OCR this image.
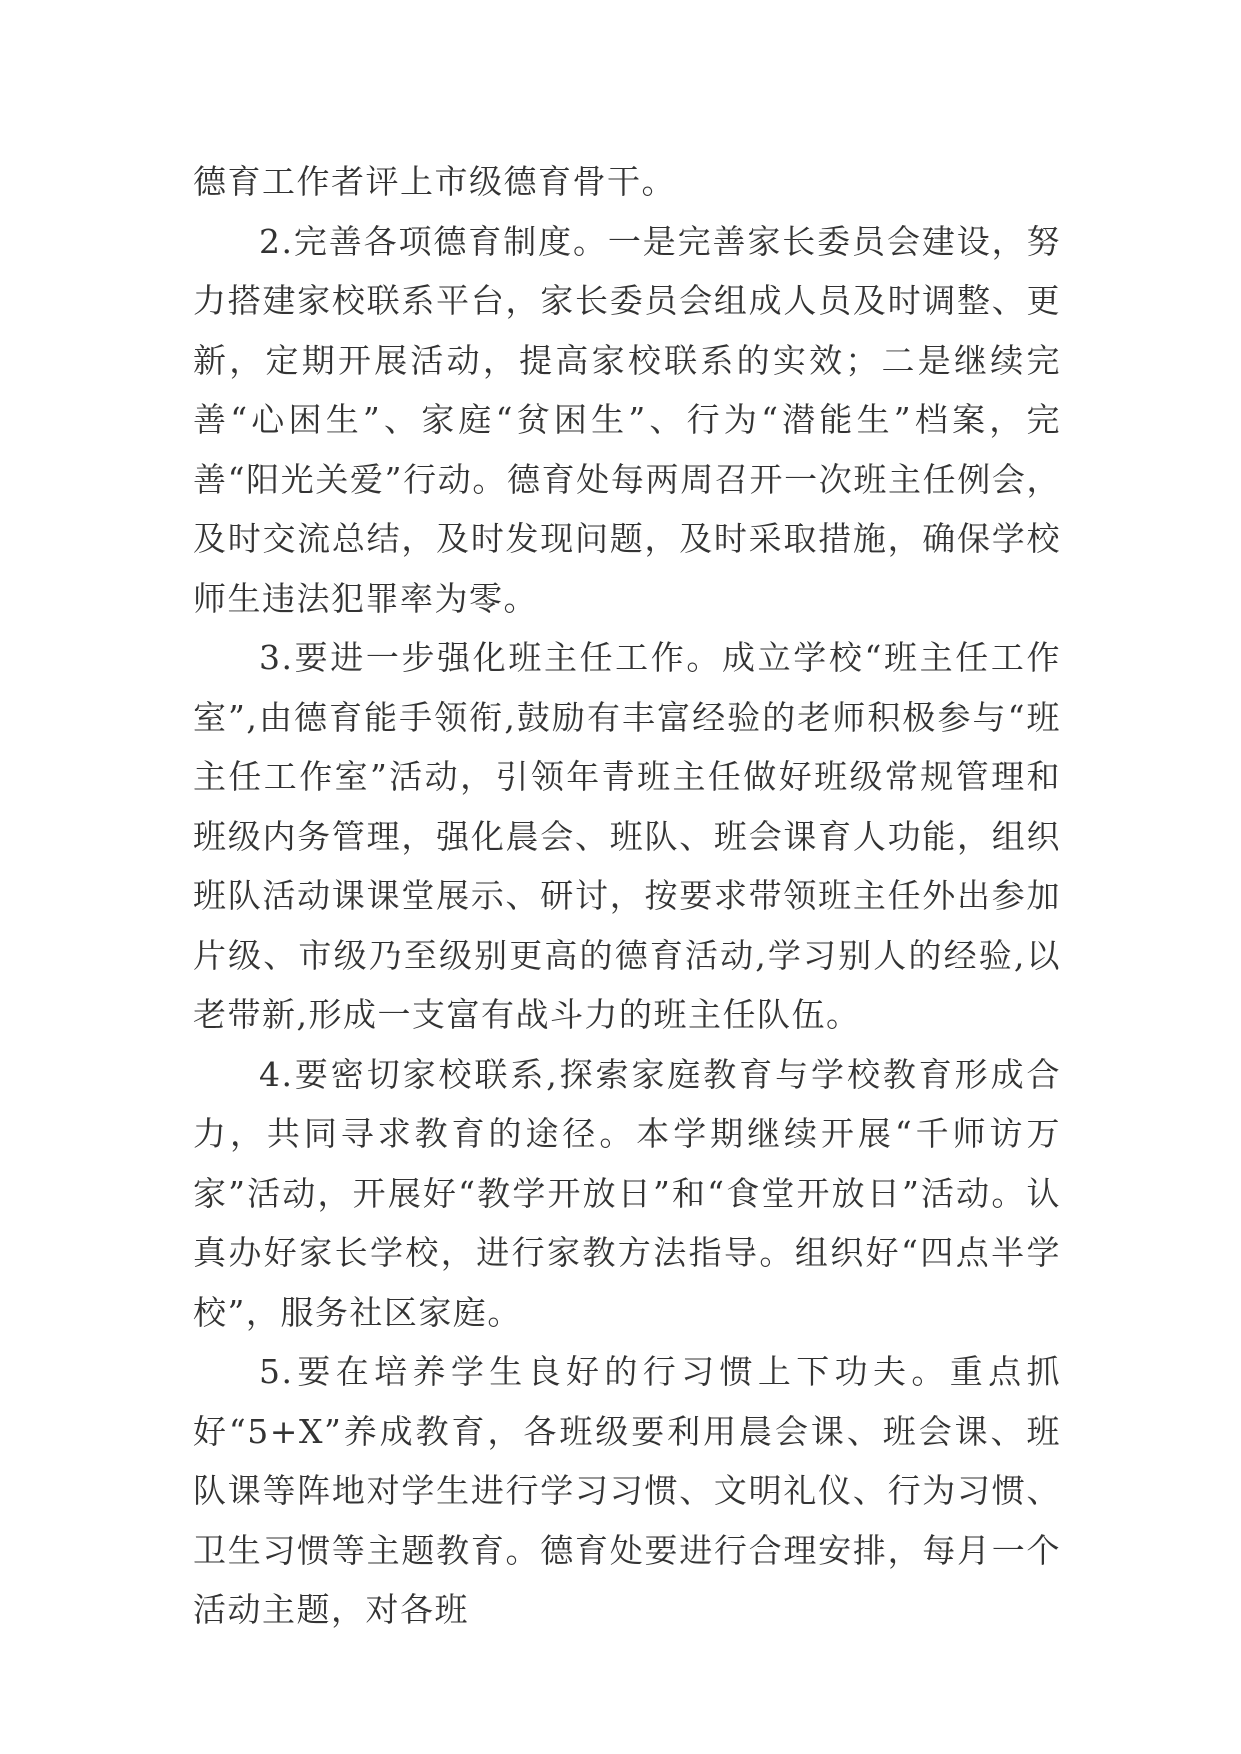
德育工作者评上市级德育骨干。

2.完善各项德育制度。一是完善家长委员会建设，努力搭建家校联系平台，家长委员会组成人员及时调整、更新，定期开展活动，提高家校联系的实效；二是继续完善“心困生”、家庭“贫困生”、行为“潜能生”档案，完善“阳光关爱”行动。德育处每两周召开一次班主任例会，及时交流总结，及时发现问题，及时采取措施，确保学校师生违法犯罪率为零。

3.要进一步强化班主任工作。成立学校“班主任工作室”,由德育能手领衔,鼓励有丰富经验的老师积极参与“班主任工作室”活动，引领年青班主任做好班级常规管理和班级内务管理，强化晨会、班队、班会课育人功能，组织班队活动课课堂展示、研讨，按要求带领班主任外出参加片级、市级乃至级别更高的德育活动,学习别人的经验,以老带新,形成一支富有战斗力的班主任队伍。

4.要密切家校联系,探索家庭教育与学校教育形成合力，共同寻求教育的途径。本学期继续开展“千师访万家”活动，开展好“教学开放日”和“食堂开放日”活动。认真办好家长学校，进行家教方法指导。组织好“四点半学校”，服务社区家庭。

5.要在培养学生良好的行习惯上下功夫。重点抓好“5+X”养成教育，各班级要利用晨会课、班会课、班队课等阵地对学生进行学习习惯、文明礼仪、行为习惯、卫生习惯等主题教育。德育处要进行合理安排，每月一个活动主题，对各班
